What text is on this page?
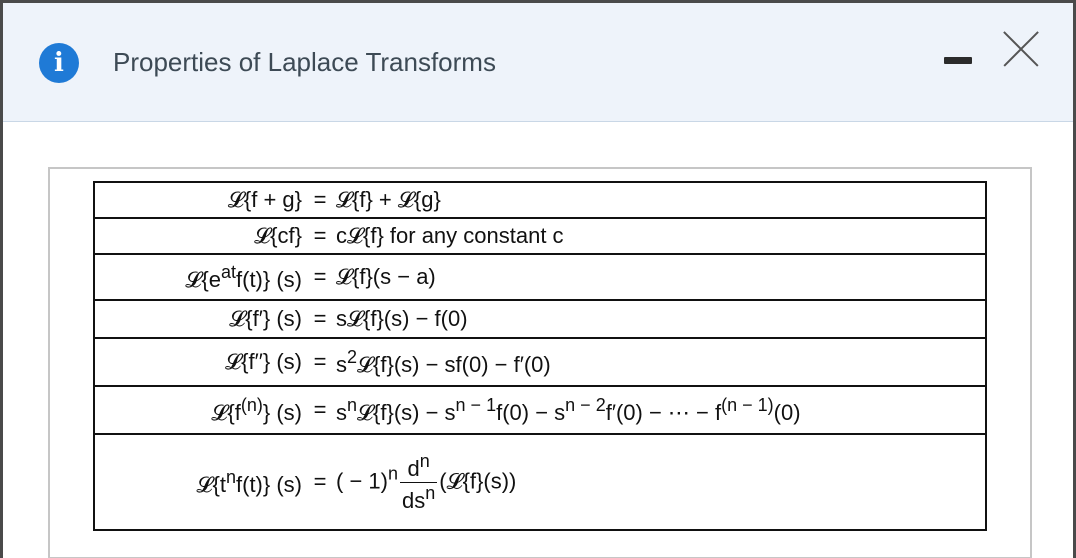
i	Properties of Laplace Transforms
𝓛{f + g}	=	𝓛{f} + 𝓛{g}
𝓛{cf}	=	c𝓛{f} for any constant c
$𝓛\{e^{at}f(t)\}$ (s)	=	𝓛{f}(s − a)
𝓛{f′} (s)	=	s𝓛{f}(s) − f(0)
𝓛{f′′} (s)	=	$s^2𝓛\{f\}(s) - sf(0) - f'(0)$
$𝓛\{f^{(n)}\}$ (s)	=	$s^n𝓛\{f\}(s) - s^{n - 1}f(0) - s^{n - 2}f'(0)$ − ⋯ − $f^{(n - 1)}(0)$
$𝓛\{t^nf(t)\}$ (s)	=	( − $1)^n \frac{d^n}{ds^n}$ (𝓛{f}(s))
